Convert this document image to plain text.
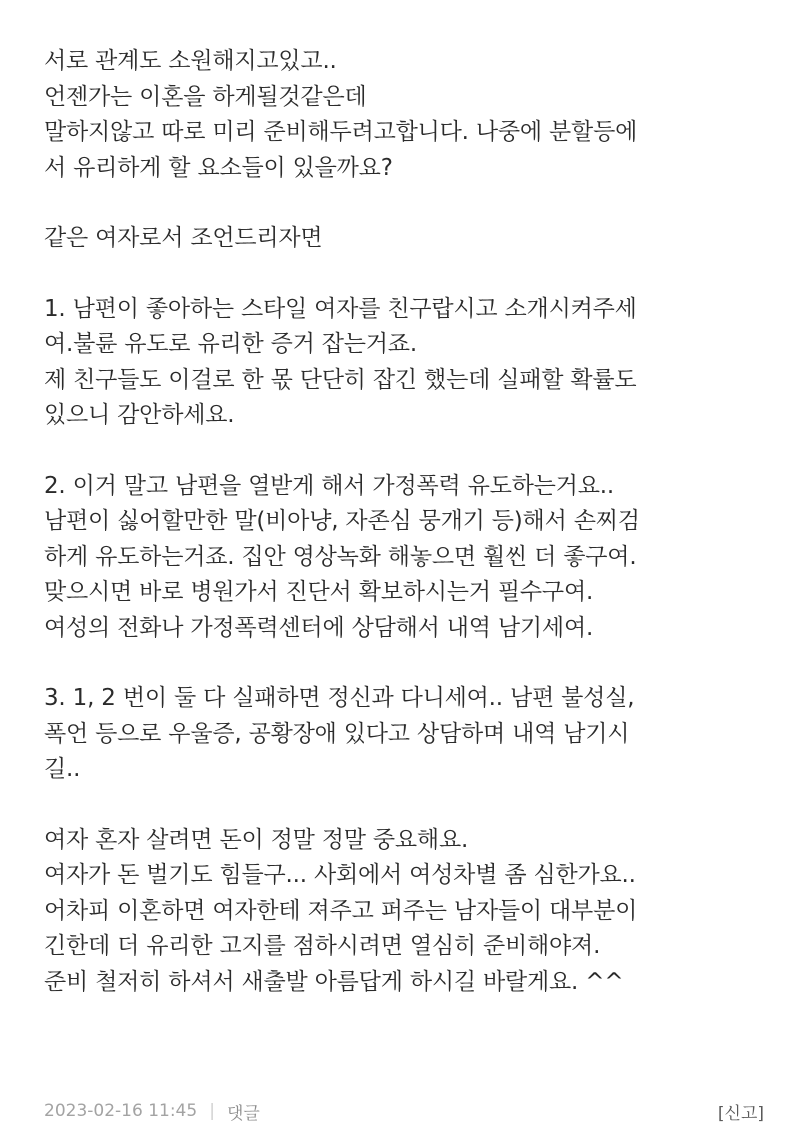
서로 관계도 소원해지고있고..
언젠가는 이혼을 하게될것같은데
말하지않고 따로 미리 준비해두려고합니다. 나중에 분할등에
서 유리하게 할 요소들이 있을까요?
같은 여자로서 조언드리자면
1. 남편이 좋아하는 스타일 여자를 친구랍시고 소개시켜주세
여.불륜 유도로 유리한 증거 잡는거죠.
제 친구들도 이걸로 한 몫 단단히 잡긴 했는데 실패할 확률도
있으니 감안하세요.
2. 이거 말고 남편을 열받게 해서 가정폭력 유도하는거요..
남편이 싫어할만한 말(비아냥, 자존심 뭉개기 등)해서 손찌검
하게 유도하는거죠. 집안 영상녹화 해놓으면 훨씬 더 좋구여.
맞으시면 바로 병원가서 진단서 확보하시는거 필수구여.
여성의 전화나 가정폭력센터에 상담해서 내역 남기세여.
3. 1, 2 번이 둘 다 실패하면 정신과 다니세여.. 남편 불성실,
폭언 등으로 우울증, 공황장애 있다고 상담하며 내역 남기시
길..
여자 혼자 살려면 돈이 정말 정말 중요해요.
여자가 돈 벌기도 힘들구... 사회에서 여성차별 좀 심한가요..
어차피 이혼하면 여자한테 져주고 퍼주는 남자들이 대부분이
긴한데 더 유리한 고지를 점하시려면 열심히 준비해야져.
준비 철저히 하셔서 새출발 아름답게 하시길 바랄게요. ^^
2023-02-16 11:45 | 댓글	[신고]
